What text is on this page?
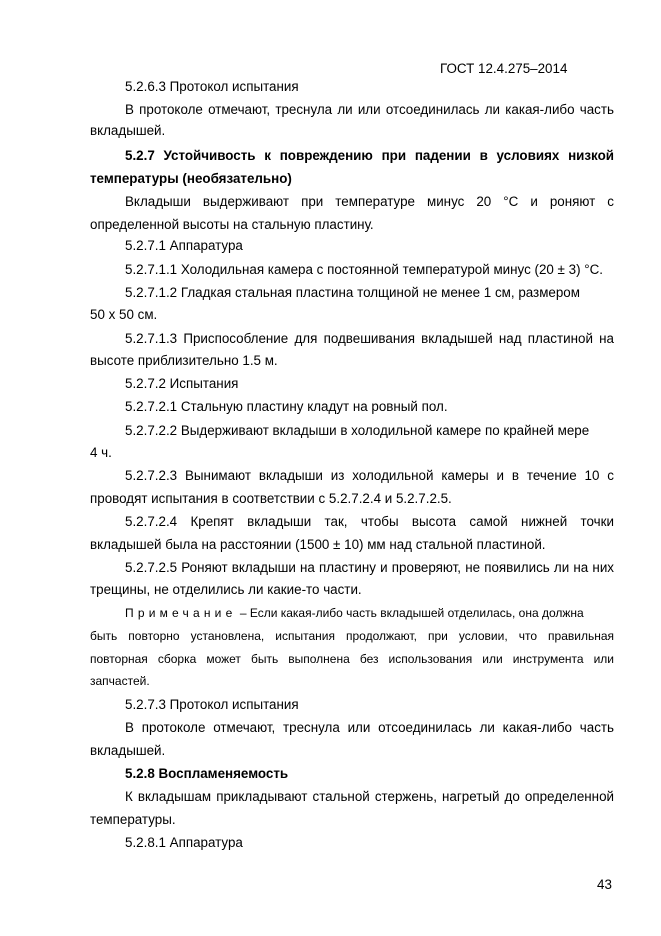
ГОСТ 12.4.275–2014
5.2.6.3 Протокол испытания
В протоколе отмечают, треснула ли или отсоединилась ли какая-либо часть
вкладышей.
5.2.7 Устойчивость к повреждению при падении в условиях низкой
температуры (необязательно)
Вкладыши выдерживают при температуре минус 20 °С и роняют с
определенной высоты на стальную пластину.
5.2.7.1 Аппаратура
5.2.7.1.1 Холодильная камера с постоянной температурой минус (20 ± 3) °С.
5.2.7.1.2 Гладкая стальная пластина толщиной не менее 1 см, размером
50 х 50 см.
5.2.7.1.3 Приспособление для подвешивания вкладышей над пластиной на
высоте приблизительно 1.5 м.
5.2.7.2 Испытания
5.2.7.2.1 Стальную пластину кладут на ровный пол.
5.2.7.2.2 Выдерживают вкладыши в холодильной камере по крайней мере
4 ч.
5.2.7.2.3 Вынимают вкладыши из холодильной камеры и в течение 10 с
проводят испытания в соответствии с 5.2.7.2.4 и 5.2.7.2.5.
5.2.7.2.4 Крепят вкладыши так, чтобы высота самой нижней точки
вкладышей была на расстоянии (1500 ± 10) мм над стальной пластиной.
5.2.7.2.5 Роняют вкладыши на пластину и проверяют, не появились ли на них
трещины, не отделились ли какие-то части.
Примечание – Если какая-либо часть вкладышей отделилась, она должна
быть повторно установлена, испытания продолжают, при условии, что правильная
повторная сборка может быть выполнена без использования или инструмента или
запчастей.
5.2.7.3 Протокол испытания
В протоколе отмечают, треснула или отсоединилась ли какая-либо часть
вкладышей.
5.2.8 Воспламеняемость
К вкладышам прикладывают стальной стержень, нагретый до определенной
температуры.
5.2.8.1 Аппаратура
43
